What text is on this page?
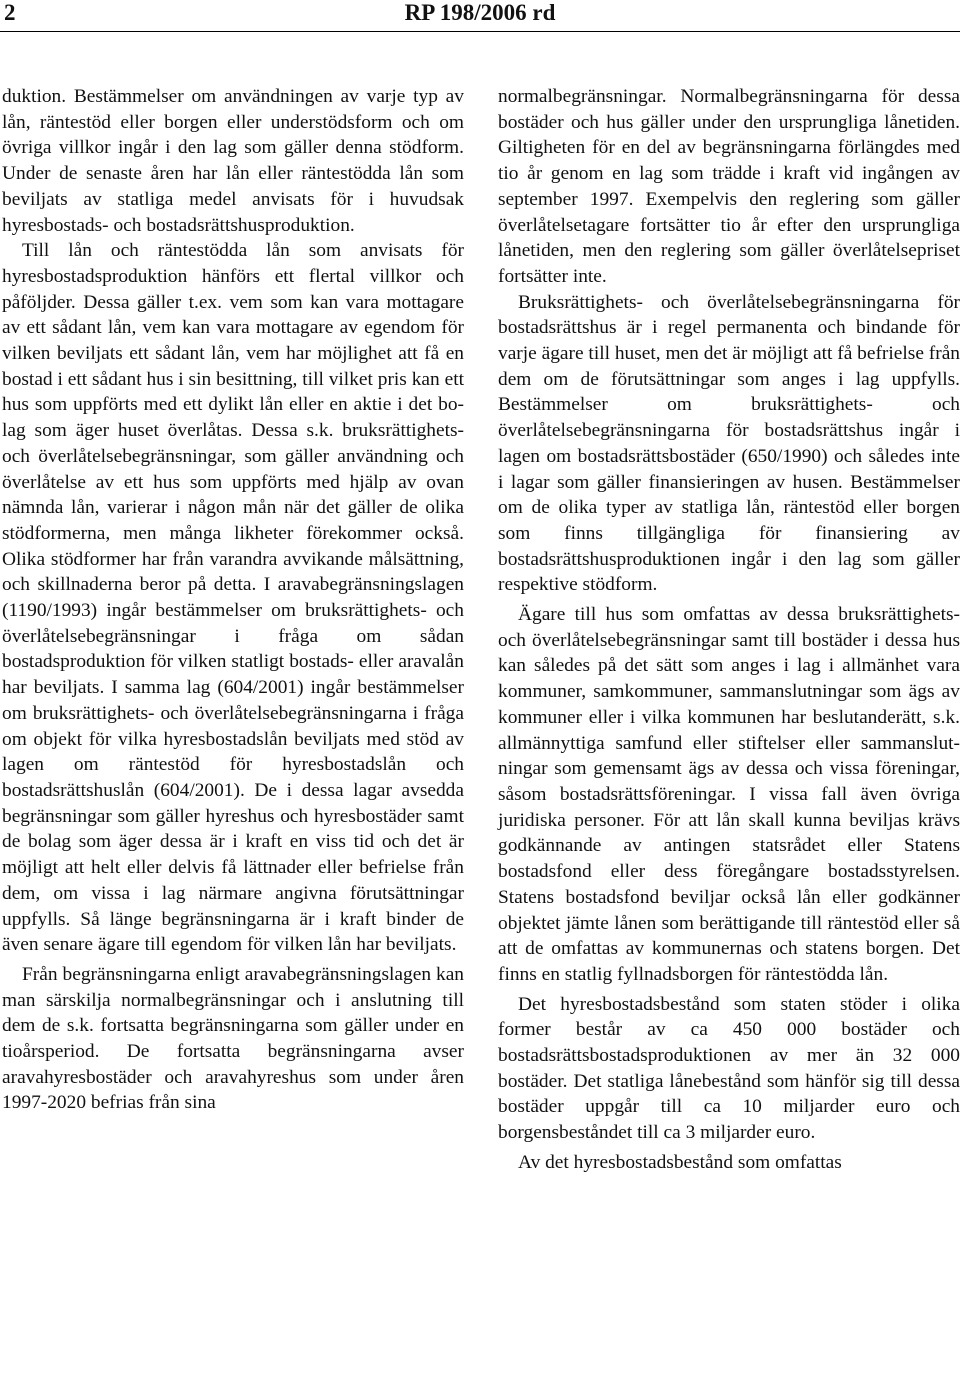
2	RP 198/2006 rd

duktion. Bestämmelser om användningen av varje typ av lån, räntestöd eller borgen eller understödsform och om övriga villkor ingår i den lag som gäller denna stödform. Under de senaste åren har lån eller räntestödda lån som beviljats av statliga medel anvisats för i huvudsak hyresbostads- och bostadsrättshusproduktion.

Till lån och räntestödda lån som anvisats för hyresbostadsproduktion hänförs ett flertal villkor och påföljder. Dessa gäller t.ex. vem som kan vara mottagare av ett sådant lån, vem kan vara mottagare av egendom för vilken beviljats ett sådant lån, vem har möjlighet att få en bostad i ett sådant hus i sin besittning, till vilket pris kan ett hus som uppförts med ett dylikt lån eller en aktie i det bolag som äger huset överlåtas. Dessa s.k. bruksrättighets- och överlåtelsebegränsningar, som gäller användning och överlåtelse av ett hus som uppförts med hjälp av ovan nämnda lån, varierar i någon mån när det gäller de olika stödformerna, men många likheter förekommer också. Olika stödformer har från varandra avvikande målsättning, och skillnaderna beror på detta. I aravabegränsningslagen (1190/1993) ingår bestämmelser om bruksrättighets- och överlåtelsebegränsningar i fråga om sådan bostadsproduktion för vilken statligt bostads- eller aravalån har beviljats. I samma lag (604/2001) ingår bestämmelser om bruksrättighets- och överlåtelsebegränsningarna i fråga om objekt för vilka hyresbostadslån beviljats med stöd av lagen om räntestöd för hyresbostadslån och bostadsrättshuslån (604/2001). De i dessa lagar avsedda begränsningar som gäller hyreshus och hyresbostäder samt de bolag som äger dessa är i kraft en viss tid och det är möjligt att helt eller delvis få lättnader eller befrielse från dem, om vissa i lag närmare angivna förutsättningar uppfylls. Så länge begränsningarna är i kraft binder de även senare ägare till egendom för vilken lån har beviljats.

Från begränsningarna enligt aravabegränsningslagen kan man särskilja normalbegränsningar och i anslutning till dem de s.k. fortsatta begränsningarna som gäller under en tioårsperiod. De fortsatta begränsningarna avser aravahyresbostäder och aravahyreshus som under åren 1997-2020 befrias från sina

normalbegränsningar. Normalbegränsningarna för dessa bostäder och hus gäller under den ursprungliga lånetiden. Giltigheten för en del av begränsningarna förlängdes med tio år genom en lag som trädde i kraft vid ingången av september 1997. Exempelvis den reglering som gäller överlåtelsetagare fortsätter tio år efter den ursprungliga lånetiden, men den reglering som gäller överlåtelsepriset fortsätter inte.

Bruksrättighets- och överlåtelsebegränsningarna för bostadsrättshus är i regel permanenta och bindande för varje ägare till huset, men det är möjligt att få befrielse från dem om de förutsättningar som anges i lag uppfylls. Bestämmelser om bruksrättighets- och överlåtelsebegränsningarna för bostadsrättshus ingår i lagen om bostadsrättsbostäder (650/1990) och således inte i lagar som gäller finansieringen av husen. Bestämmelser om de olika typer av statliga lån, räntestöd eller borgen som finns tillgängliga för finansiering av bostadsrättshusproduktionen ingår i den lag som gäller respektive stödform.

Ägare till hus som omfattas av dessa bruksrättighets- och överlåtelsebegränsningar samt till bostäder i dessa hus kan således på det sätt som anges i lag i allmänhet vara kommuner, samkommuner, sammanslutningar som ägs av kommuner eller i vilka kommunen har beslutanderätt, s.k. allmännyttiga samfund eller stiftelser eller sammanslutningar som gemensamt ägs av dessa och vissa föreningar, såsom bostadsrättsföreningar. I vissa fall även övriga juridiska personer. För att lån skall kunna beviljas krävs godkännande av antingen statsrådet eller Statens bostadsfond eller dess föregångare bostadsstyrelsen. Statens bostadsfond beviljar också lån eller godkänner objektet jämte lånen som berättigande till räntestöd eller så att de omfattas av kommunernas och statens borgen. Det finns en statlig fyllnadsborgen för räntestödda lån.

Det hyresbostadsbestånd som staten stöder i olika former består av ca 450 000 bostäder och bostadsrättsbostadsproduktionen av mer än 32 000 bostäder. Det statliga lånebestånd som hänför sig till dessa bostäder uppgår till ca 10 miljarder euro och borgensbeståndet till ca 3 miljarder euro.

Av det hyresbostadsbestånd som omfattas
